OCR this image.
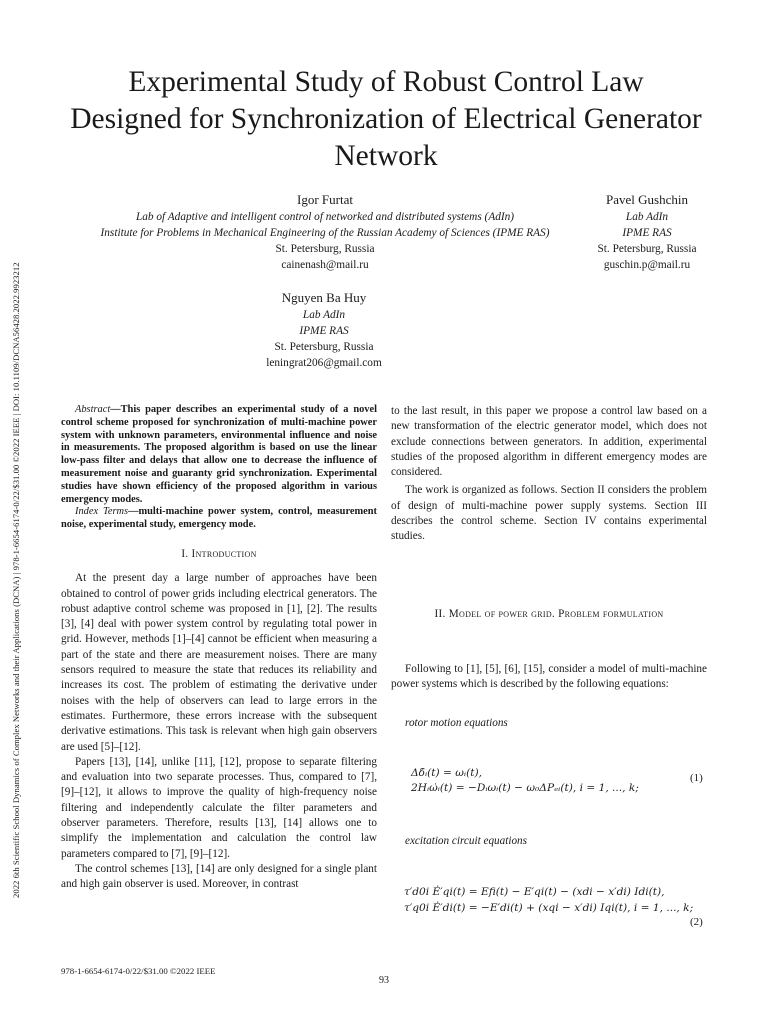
2022 6th Scientific School Dynamics of Complex Networks and their Applications (DCNA) | 978-1-6654-6174-0/22/$31.00 ©2022 IEEE | DOI: 10.1109/DCNA56428.2022.9923212
Experimental Study of Robust Control Law Designed for Synchronization of Electrical Generator Network
Igor Furtat
Lab of Adaptive and intelligent control of networked and distributed systems (AdIn)
Institute for Problems in Mechanical Engineering of the Russian Academy of Sciences (IPME RAS)
St. Petersburg, Russia
cainenash@mail.ru
Pavel Gushchin
Lab AdIn
IPME RAS
St. Petersburg, Russia
guschin.p@mail.ru
Nguyen Ba Huy
Lab AdIn
IPME RAS
St. Petersburg, Russia
leningrat206@gmail.com

Abstract—This paper describes an experimental study of a novel control scheme proposed for synchronization of multi-machine power system with unknown parameters, environmental influence and noise in measurements. The proposed algorithm is based on use the linear low-pass filter and delays that allow one to decrease the influence of measurement noise and guaranty grid synchronization. Experimental studies have shown efficiency of the proposed algorithm in various emergency modes.

Index Terms—multi-machine power system, control, measurement noise, experimental study, emergency mode.

I. Introduction

At the present day a large number of approaches have been obtained to control of power grids including electrical generators. The robust adaptive control scheme was proposed in [1], [2]. The results [3], [4] deal with power system control by regulating total power in grid. However, methods [1]–[4] cannot be efficient when measuring a part of the state and there are measurement noises. There are many sensors required to measure the state that reduces its reliability and increases its cost. The problem of estimating the derivative under noises with the help of observers can lead to large errors in the estimates. Furthermore, these errors increase with the subsequent derivative estimations. This task is relevant when high gain observers are used [5]–[12].

Papers [13], [14], unlike [11], [12], propose to separate filtering and evaluation into two separate processes. Thus, compared to [7], [9]–[12], it allows to improve the quality of high-frequency noise filtering and independently calculate the filter parameters and observer parameters. Therefore, results [13], [14] allows one to simplify the implementation and calculation the control law parameters compared to [7], [9]–[12].

The control schemes [13], [14] are only designed for a single plant and high gain observer is used. Moreover, in contrast

to the last result, in this paper we propose a control law based on a new transformation of the electric generator model, which does not exclude connections between generators. In addition, experimental studies of the proposed algorithm in different emergency modes are considered.

The work is organized as follows. Section II considers the problem of design of multi-machine power supply systems. Section III describes the control scheme. Section IV contains experimental studies.

II. Model of power grid. Problem formulation
Following to [1], [5], [6], [15], consider a model of multi-machine power systems which is described by the following equations:
rotor motion equations
Δδ̇ᵢ(t) = ωᵢ(t),
2Hᵢω̇ᵢ(t) = −Dᵢωᵢ(t) − ω₀ΔPₑᵢ(t), i = 1, ..., k;
(1)
excitation circuit equations
τ′d0i Ė′qi(t) = Efi(t) − E′qi(t) − (xdi − x′di) Idi(t),
τ′q0i Ė′di(t) = −E′di(t) + (xqi − x′di) Iqi(t), i = 1, ..., k;
(2)
978-1-6654-6174-0/22/$31.00 ©2022 IEEE
93
